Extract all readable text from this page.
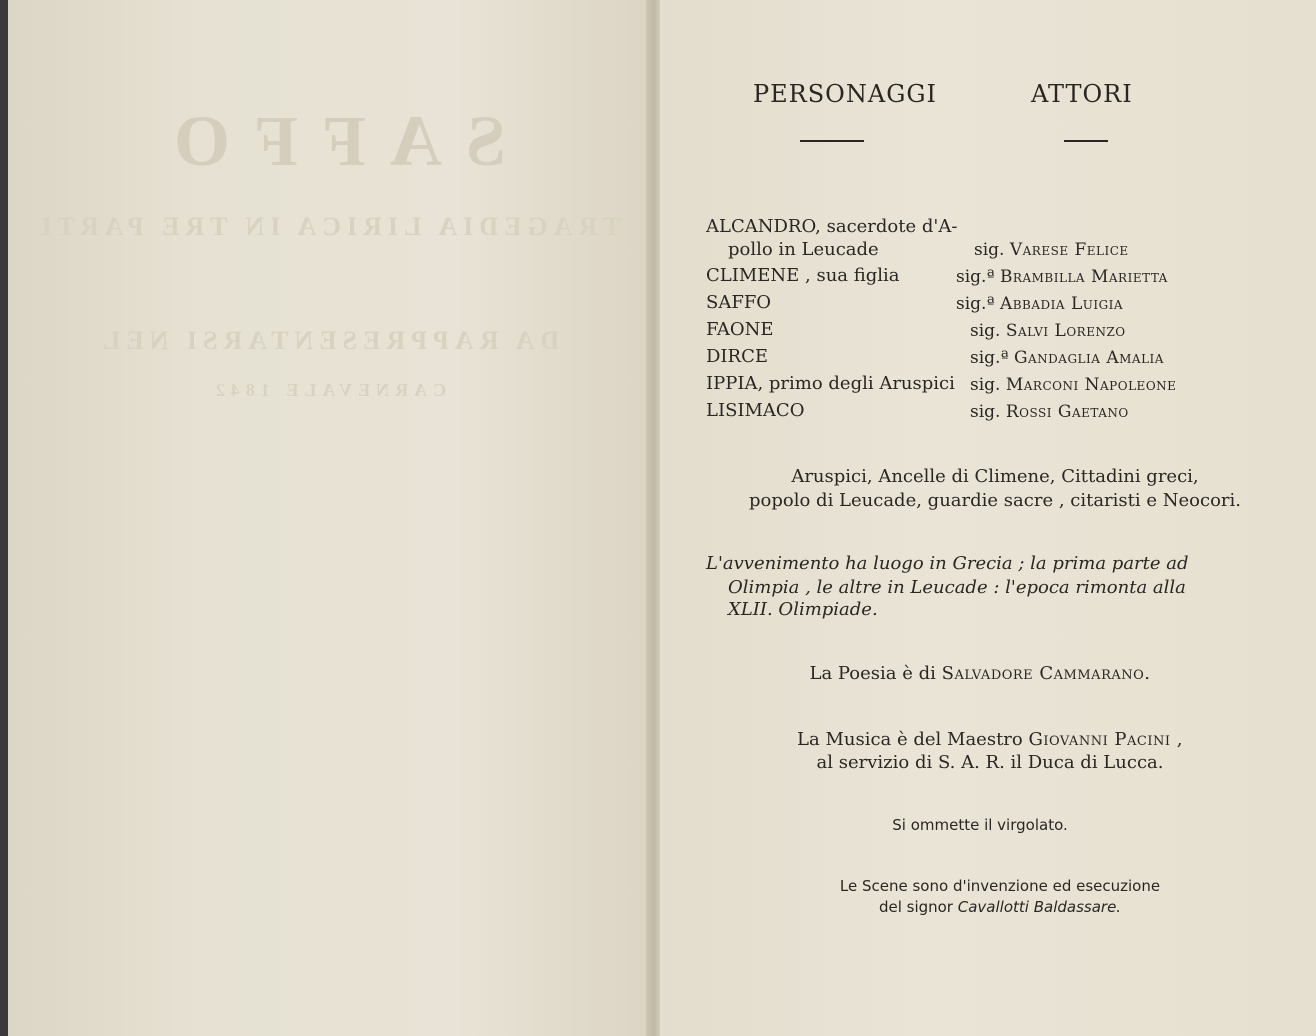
SAFFO
TRAGEDIA LIRICA IN TRE PARTI
DA RAPPRESENTARSI NEL
CARNEVALE 1842
PERSONAGGI	ATTORI
ALCANDRO, sacerdote d'A-
pollo in Leucade	sig. Varese Felice
CLIMENE , sua figlia	sig.ª Brambilla Marietta
SAFFO	sig.ª Abbadia Luigia
FAONE	sig. Salvi Lorenzo
DIRCE	sig.ª Gandaglia Amalia
IPPIA, primo degli Aruspici sig. Marconi Napoleone
LISIMACO	sig. Rossi Gaetano
Aruspici, Ancelle di Climene, Cittadini greci,
popolo di Leucade, guardie sacre , citaristi e Neocori.
L'avvenimento ha luogo in Grecia ; la prima parte ad
Olimpia , le altre in Leucade : l'epoca rimonta alla
XLII. Olimpiade.
La Poesia è di Salvadore Cammarano.
La Musica è del Maestro Giovanni Pacini ,
al servizio di S. A. R. il Duca di Lucca.
Si ommette il virgolato.
Le Scene sono d'invenzione ed esecuzione
del signor Cavallotti Baldassare.
